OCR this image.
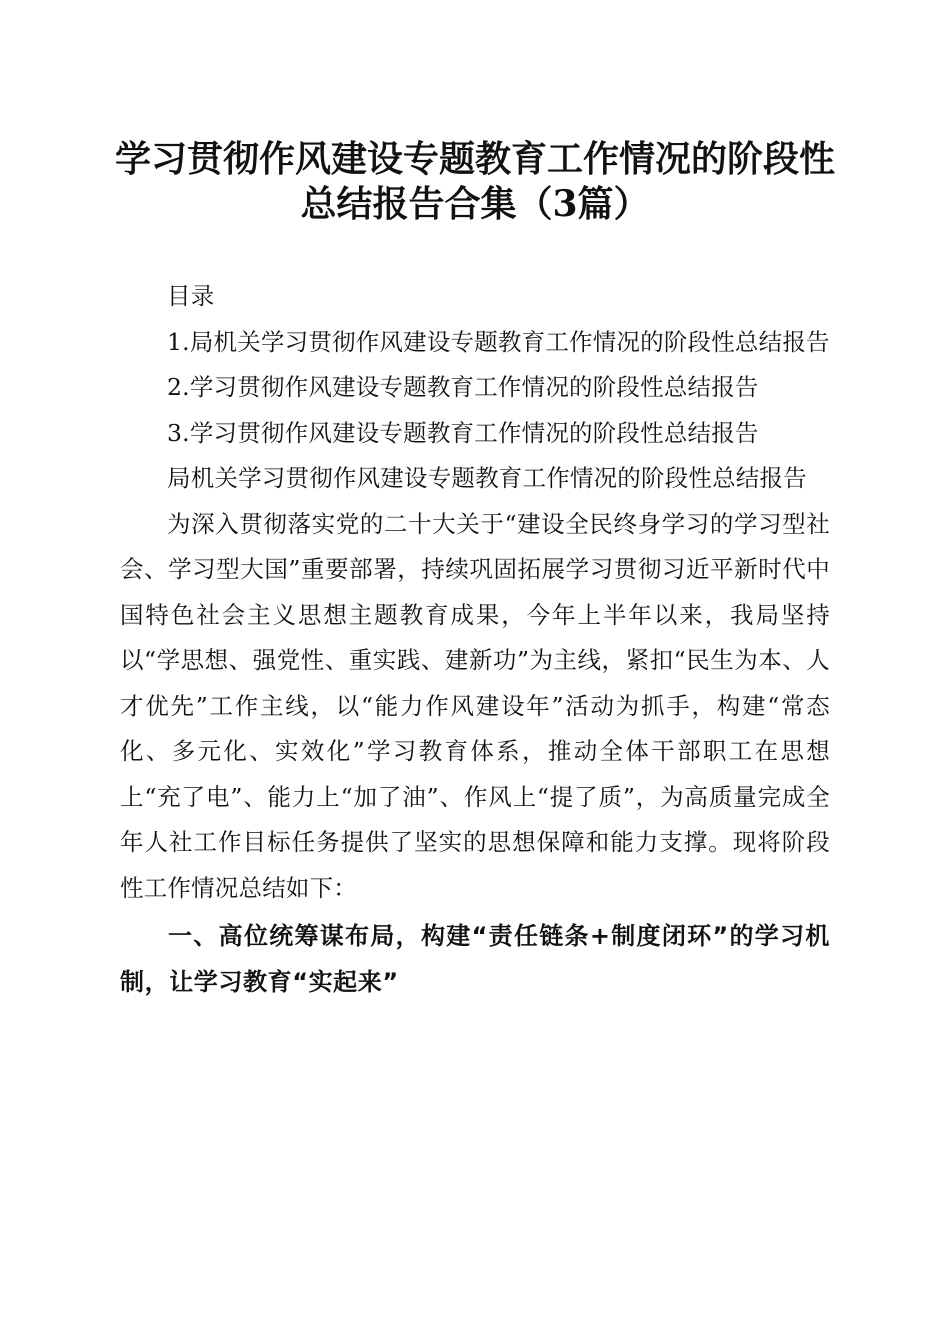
学习贯彻作风建设专题教育工作情况的阶段性
总结报告合集（3篇）

目录

1.局机关学习贯彻作风建设专题教育工作情况的阶段性总结报告

2.学习贯彻作风建设专题教育工作情况的阶段性总结报告

3.学习贯彻作风建设专题教育工作情况的阶段性总结报告

局机关学习贯彻作风建设专题教育工作情况的阶段性总结报告

为深入贯彻落实党的二十大关于“建设全民终身学习的学习型社会、学习型大国”重要部署，持续巩固拓展学习贯彻习近平新时代中国特色社会主义思想主题教育成果，今年上半年以来，我局坚持以“学思想、强党性、重实践、建新功”为主线，紧扣“民生为本、人才优先”工作主线，以“能力作风建设年”活动为抓手，构建“常态化、多元化、实效化”学习教育体系，推动全体干部职工在思想上“充了电”、能力上“加了油”、作风上“提了质”，为高质量完成全年人社工作目标任务提供了坚实的思想保障和能力支撑。现将阶段性工作情况总结如下：

一、高位统筹谋布局，构建“责任链条+制度闭环”的学习机制，让学习教育“实起来”
